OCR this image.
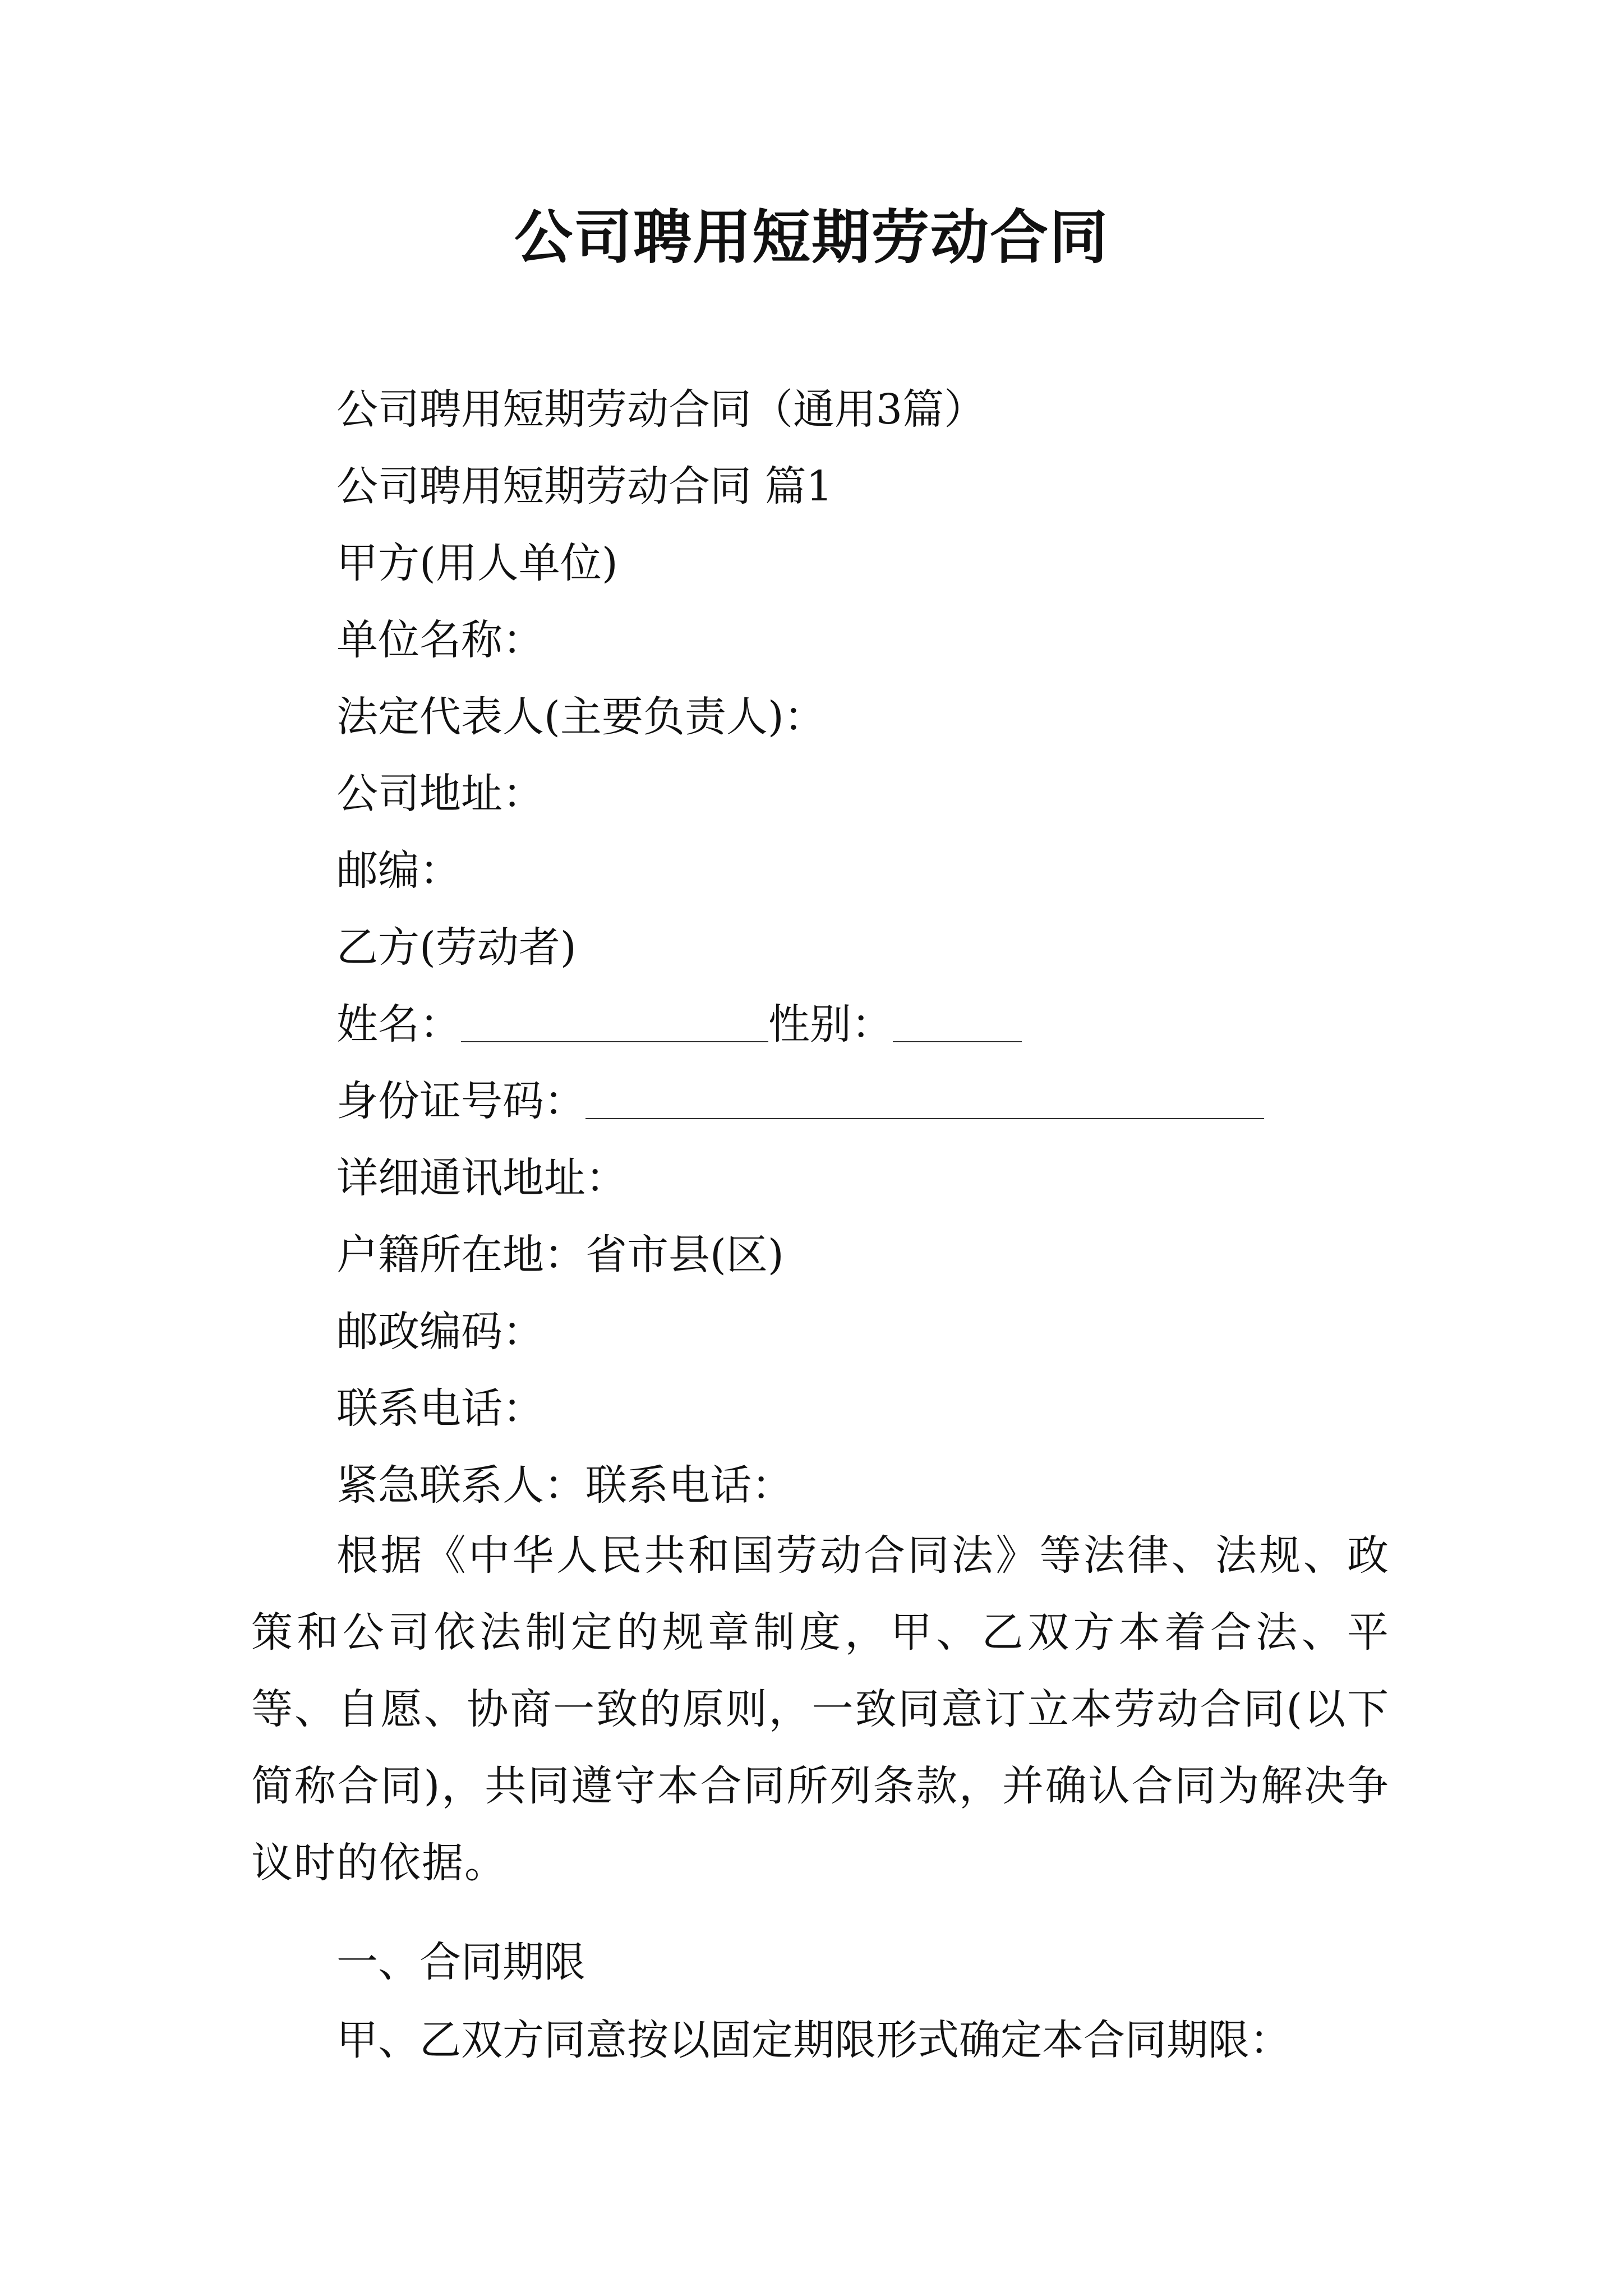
公司聘用短期劳动合同
公司聘用短期劳动合同（通用3篇）
公司聘用短期劳动合同 篇1
甲方(用人单位)
单位名称：
法定代表人(主要负责人)：
公司地址：
邮编：
乙方(劳动者)
姓名：	性别：
身份证号码：
详细通讯地址：
户籍所在地：省市县(区)
邮政编码：
联系电话：
紧急联系人：联系电话：
根据《中华人民共和国劳动合同法》等法律、法规、政策和公司依法制定的规章制度，甲、乙双方本着合法、平等、自愿、协商一致的原则，一致同意订立本劳动合同(以下简称合同)，共同遵守本合同所列条款，并确认合同为解决争议时的依据。
一、合同期限
甲、乙双方同意按以固定期限形式确定本合同期限：
